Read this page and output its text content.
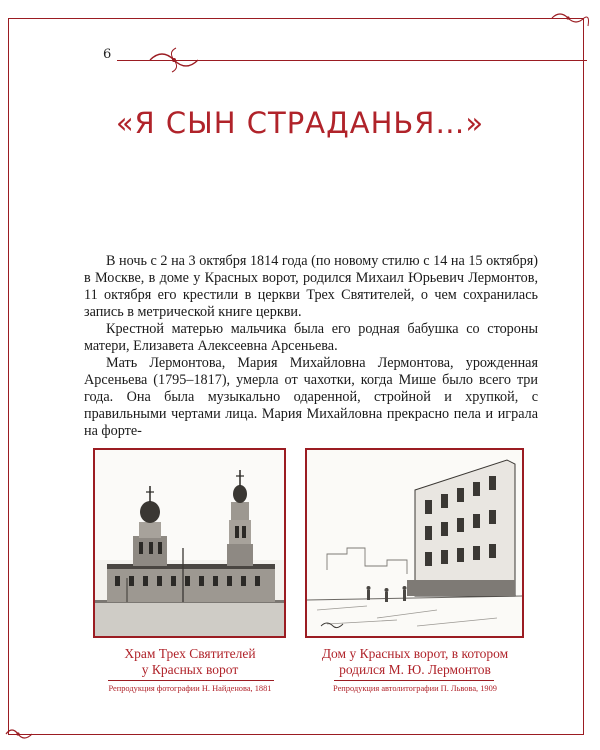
6
«Я СЫН СТРАДАНЬЯ…»

В ночь с 2 на 3 октября 1814 года (по новому стилю с 14 на 15 октября) в Москве, в доме у Красных ворот, родился Михаил Юрьевич Лермонтов, 11 октября его крестили в церкви Трех Святителей, о чем сохранилась запись в метрической книге церкви.

Крестной матерью мальчика была его родная бабушка со стороны матери, Елизавета Алексеевна Арсеньева.

Мать Лермонтова, Мария Михайловна Лермонтова, урожденная Арсеньева (1795–1817), умерла от чахотки, когда Мише было всего три года. Она была музыкально одаренной, стройной и хрупкой, с правильными чертами лица. Мария Михайловна прекрасно пела и играла на форте-

Храм Трех Святителей
у Красных ворот
Репродукция фотографии Н. Найденова, 1881
Дом у Красных ворот, в котором
родился М. Ю. Лермонтов
Репродукция автолитографии П. Львова, 1909
